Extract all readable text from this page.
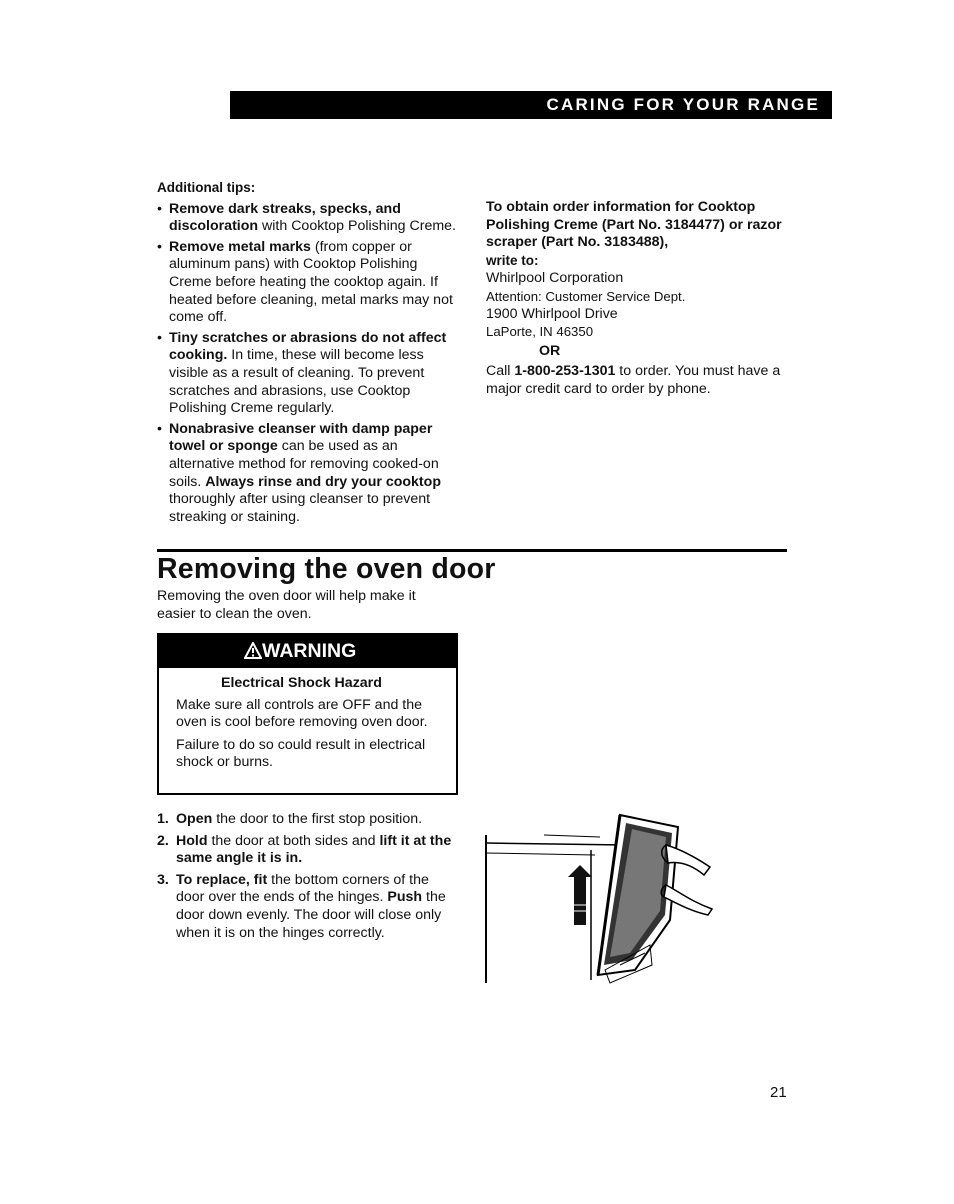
CARING FOR YOUR RANGE
Additional tips:
• Remove dark streaks, specks, and discoloration with Cooktop Polishing Creme.
• Remove metal marks (from copper or aluminum pans) with Cooktop Polishing Creme before heating the cooktop again. If heated before cleaning, metal marks may not come off.
• Tiny scratches or abrasions do not affect cooking. In time, these will become less visible as a result of cleaning. To prevent scratches and abrasions, use Cooktop Polishing Creme regularly.
• Nonabrasive cleanser with damp paper towel or sponge can be used as an alternative method for removing cooked-on soils. Always rinse and dry your cooktop thoroughly after using cleanser to prevent streaking or staining.
To obtain order information for Cooktop Polishing Creme (Part No. 3184477) or razor scraper (Part No. 3183488),
write to:
Whirlpool Corporation
Attention: Customer Service Dept.
1900 Whirlpool Drive
LaPorte, IN 46350
OR
Call 1-800-253-1301 to order. You must have a major credit card to order by phone.
Removing the oven door
Removing the oven door will help make it easier to clean the oven.
WARNING
Electrical Shock Hazard
Make sure all controls are OFF and the oven is cool before removing oven door.
Failure to do so could result in electrical shock or burns.
1. Open the door to the first stop position.
2. Hold the door at both sides and lift it at the same angle it is in.
3. To replace, fit the bottom corners of the door over the ends of the hinges. Push the door down evenly. The door will close only when it is on the hinges correctly.
21
